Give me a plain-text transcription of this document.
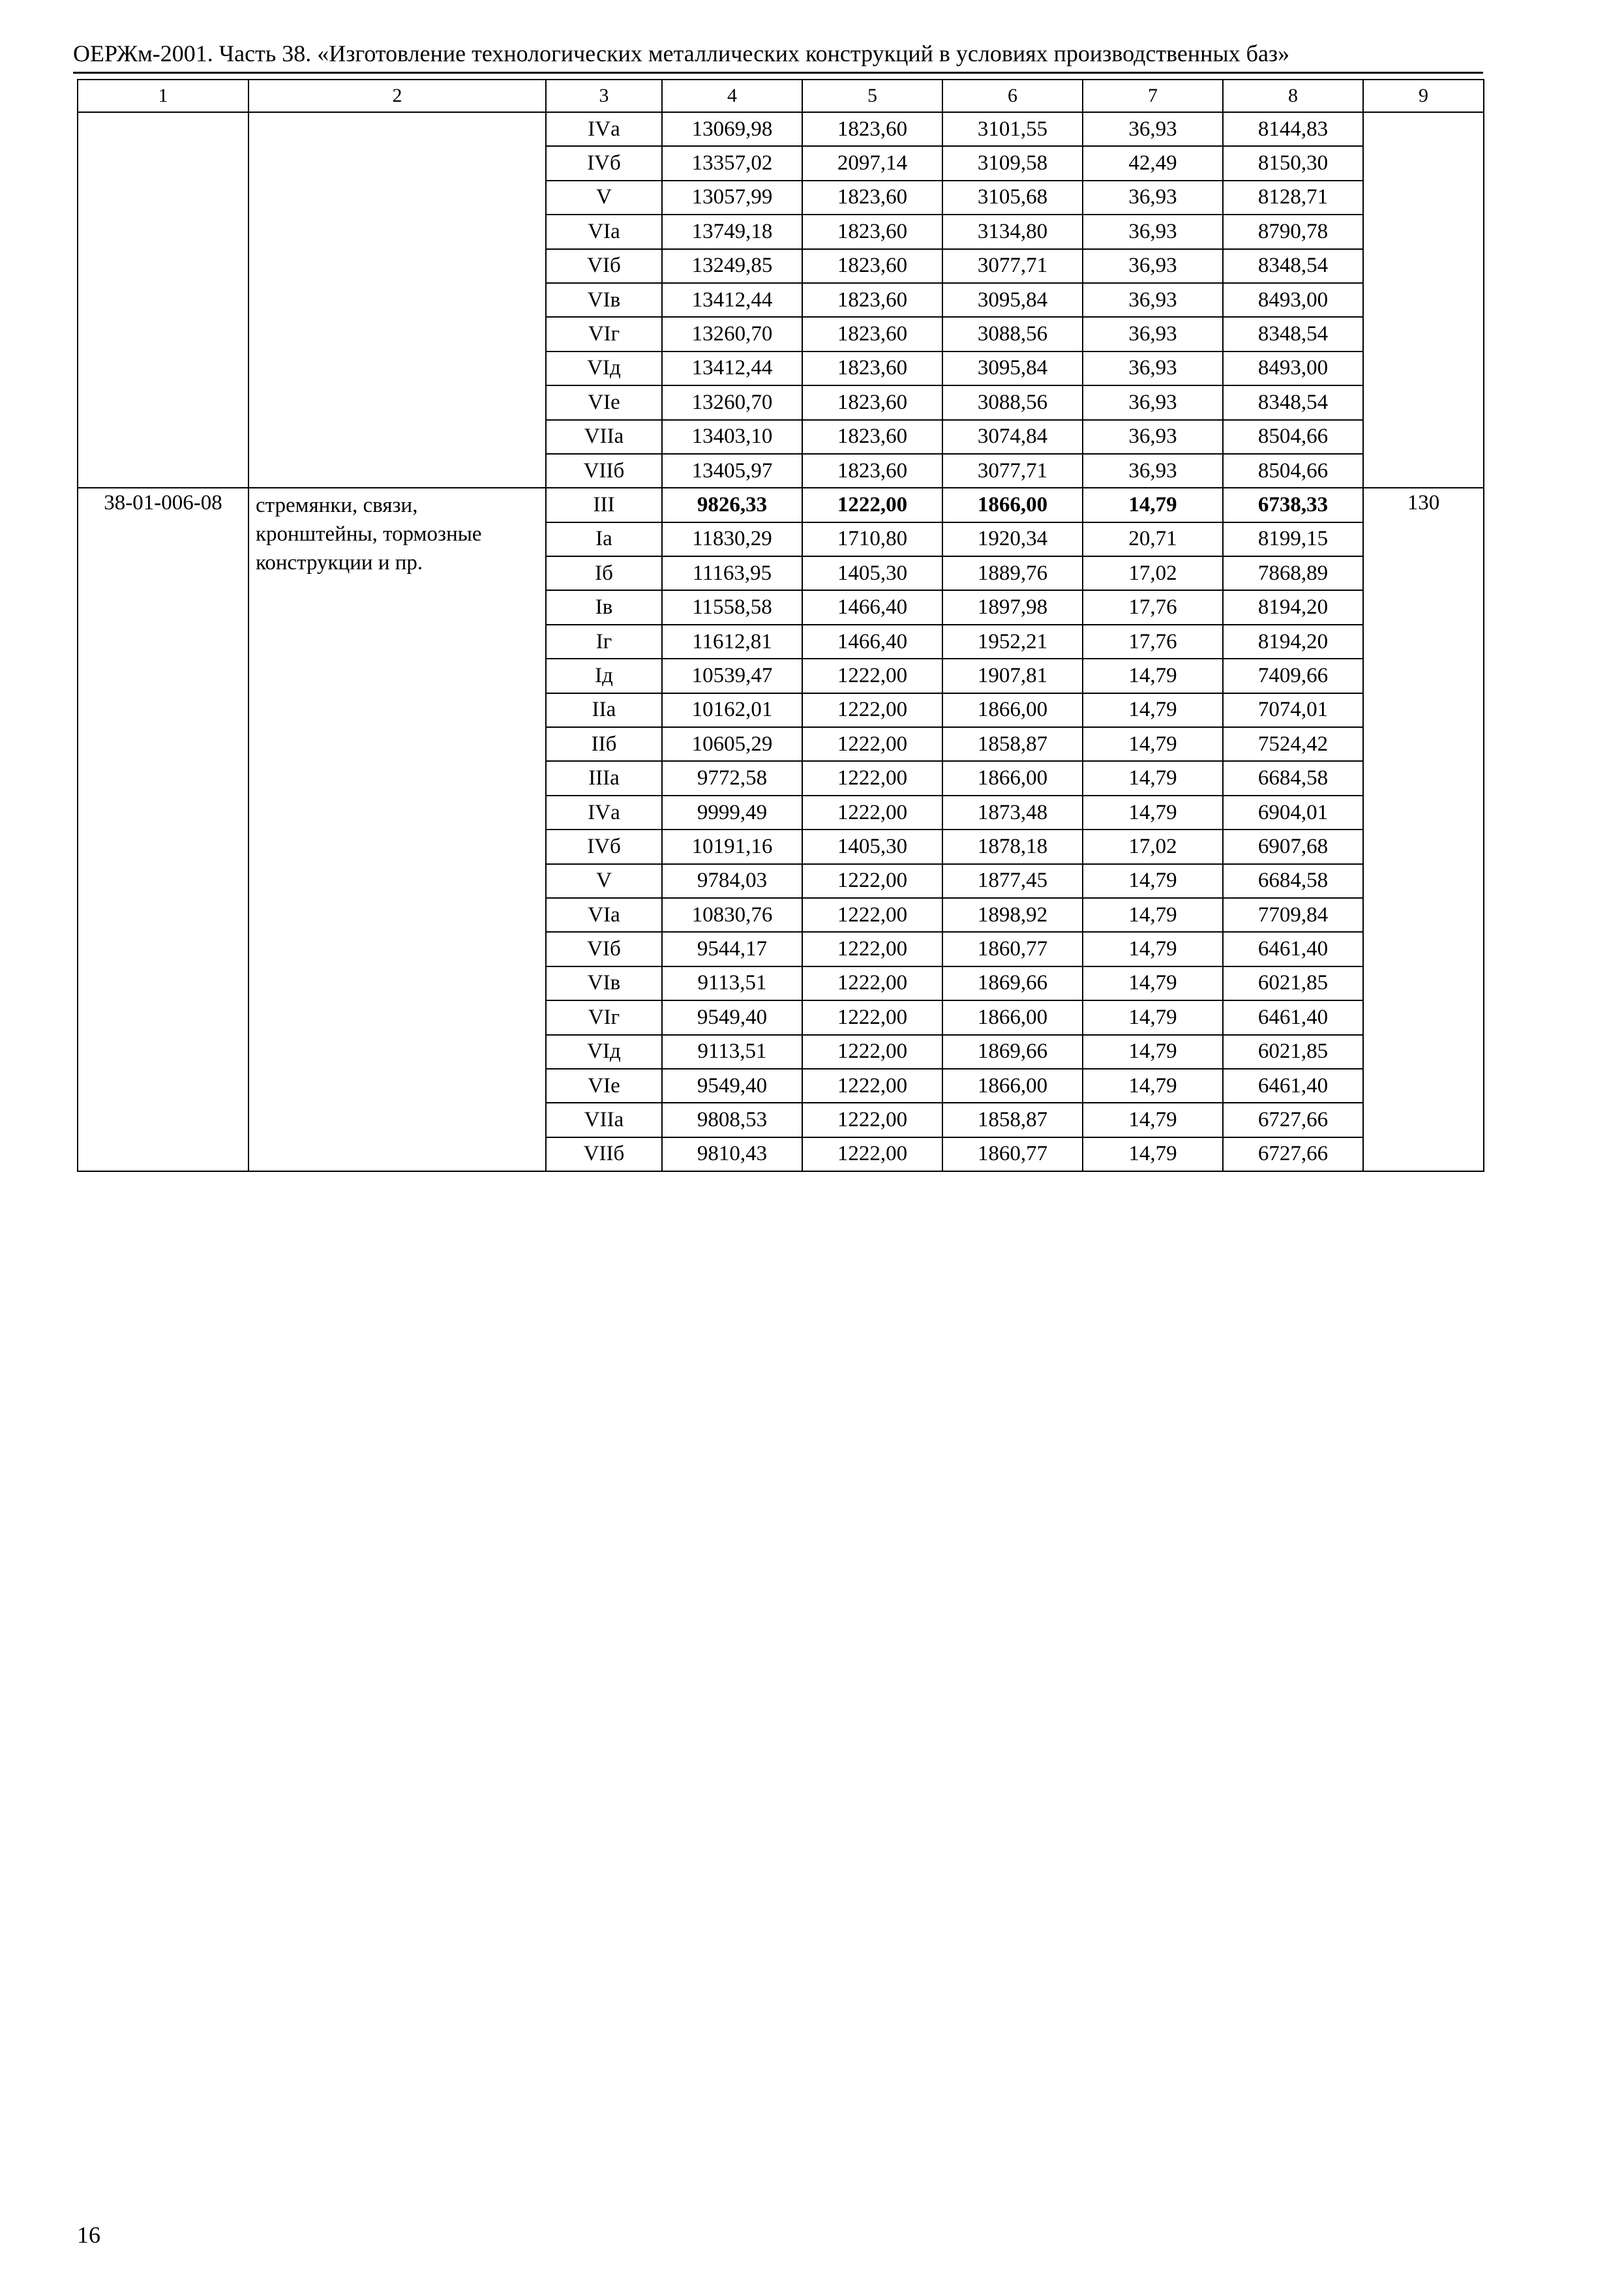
ОЕРЖм-2001. Часть 38. «Изготовление технологических металлических конструкций в условиях производственных баз»
1	2	3	4	5	6	7	8	9
		IVа	13069,98	1823,60	3101,55	36,93	8144,83	
		IVб	13357,02	2097,14	3109,58	42,49	8150,30	
		V	13057,99	1823,60	3105,68	36,93	8128,71	
		VIа	13749,18	1823,60	3134,80	36,93	8790,78	
		VIб	13249,85	1823,60	3077,71	36,93	8348,54	
		VIв	13412,44	1823,60	3095,84	36,93	8493,00	
		VIг	13260,70	1823,60	3088,56	36,93	8348,54	
		VIд	13412,44	1823,60	3095,84	36,93	8493,00	
		VIе	13260,70	1823,60	3088,56	36,93	8348,54	
		VIIа	13403,10	1823,60	3074,84	36,93	8504,66	
		VIIб	13405,97	1823,60	3077,71	36,93	8504,66	
38-01-006-08	стремянки, связи, кронштейны, тормозные конструкции и пр.	III	9826,33	1222,00	1866,00	14,79	6738,33	130
		Iа	11830,29	1710,80	1920,34	20,71	8199,15	
		Iб	11163,95	1405,30	1889,76	17,02	7868,89	
		Iв	11558,58	1466,40	1897,98	17,76	8194,20	
		Iг	11612,81	1466,40	1952,21	17,76	8194,20	
		Iд	10539,47	1222,00	1907,81	14,79	7409,66	
		IIа	10162,01	1222,00	1866,00	14,79	7074,01	
		IIб	10605,29	1222,00	1858,87	14,79	7524,42	
		IIIа	9772,58	1222,00	1866,00	14,79	6684,58	
		IVа	9999,49	1222,00	1873,48	14,79	6904,01	
		IVб	10191,16	1405,30	1878,18	17,02	6907,68	
		V	9784,03	1222,00	1877,45	14,79	6684,58	
		VIа	10830,76	1222,00	1898,92	14,79	7709,84	
		VIб	9544,17	1222,00	1860,77	14,79	6461,40	
		VIв	9113,51	1222,00	1869,66	14,79	6021,85	
		VIг	9549,40	1222,00	1866,00	14,79	6461,40	
		VIд	9113,51	1222,00	1869,66	14,79	6021,85	
		VIе	9549,40	1222,00	1866,00	14,79	6461,40	
		VIIа	9808,53	1222,00	1858,87	14,79	6727,66	
		VIIб	9810,43	1222,00	1860,77	14,79	6727,66	
16
